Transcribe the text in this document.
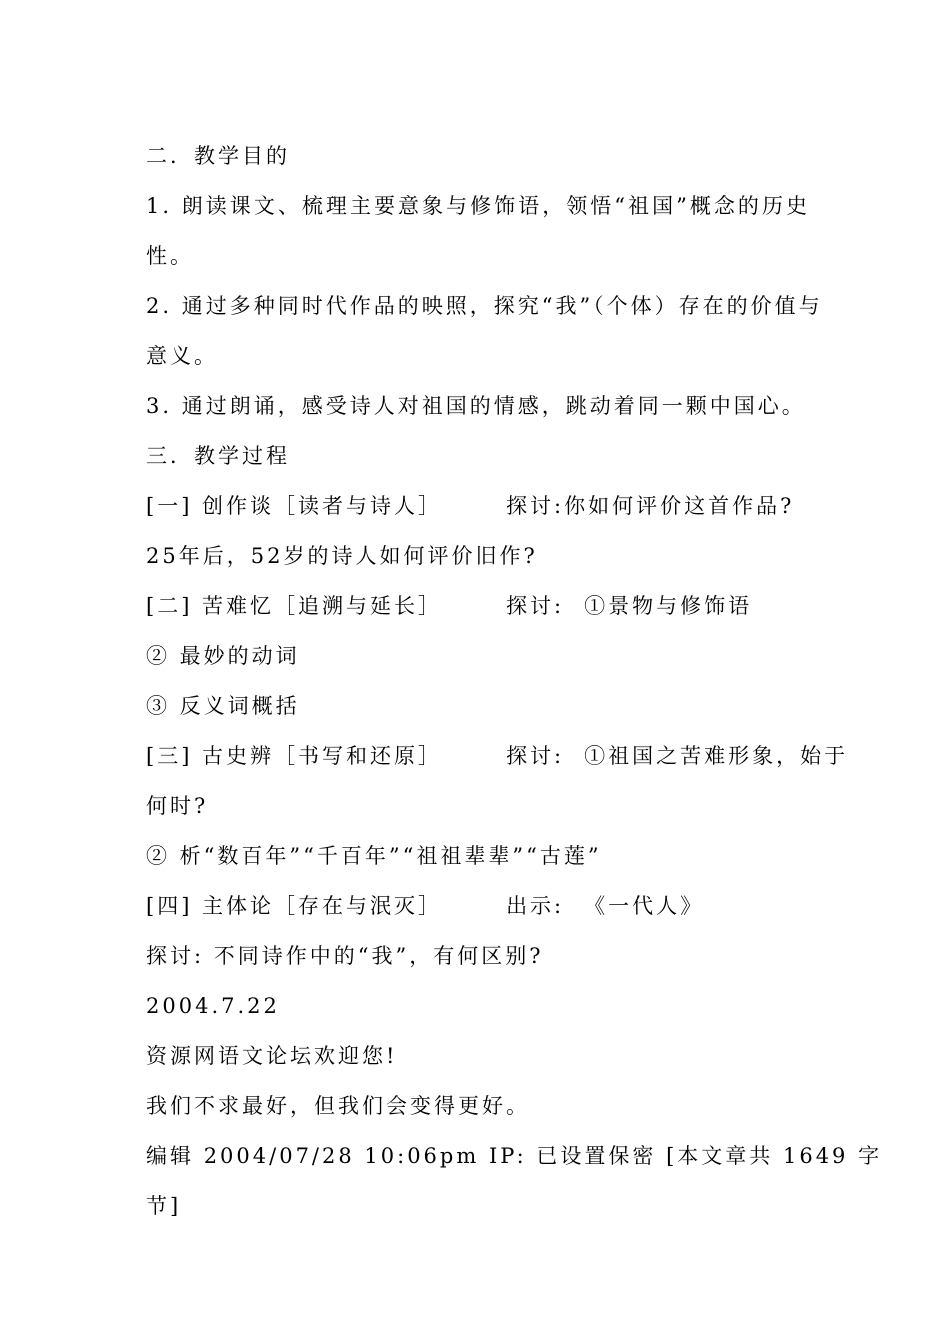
二．教学目的
1. 朗读课文、梳理主要意象与修饰语，领悟“祖国”概念的历史
性。
2. 通过多种同时代作品的映照，探究“我”（个体）存在的价值与
意义。
3. 通过朗诵，感受诗人对祖国的情感，跳动着同一颗中国心。
三．教学过程
[一] 创作谈［读者与诗人］	探讨:你如何评价这首作品?
25年后，52岁的诗人如何评价旧作?
[二] 苦难忆［追溯与延长］	探讨: ①景物与修饰语
② 最妙的动词
③ 反义词概括
[三] 古史辨［书写和还原］	探讨: ①祖国之苦难形象，始于
何时?
② 析“数百年”“千百年”“祖祖辈辈”“古莲”
[四] 主体论［存在与泯灭］	出示: 《一代人》
探讨: 不同诗作中的“我”，有何区别?
2004.7.22
资源网语文论坛欢迎您!
我们不求最好，但我们会变得更好。
编辑 2004/07/28 10:06pm IP: 已设置保密 [本文章共 1649 字
节]
